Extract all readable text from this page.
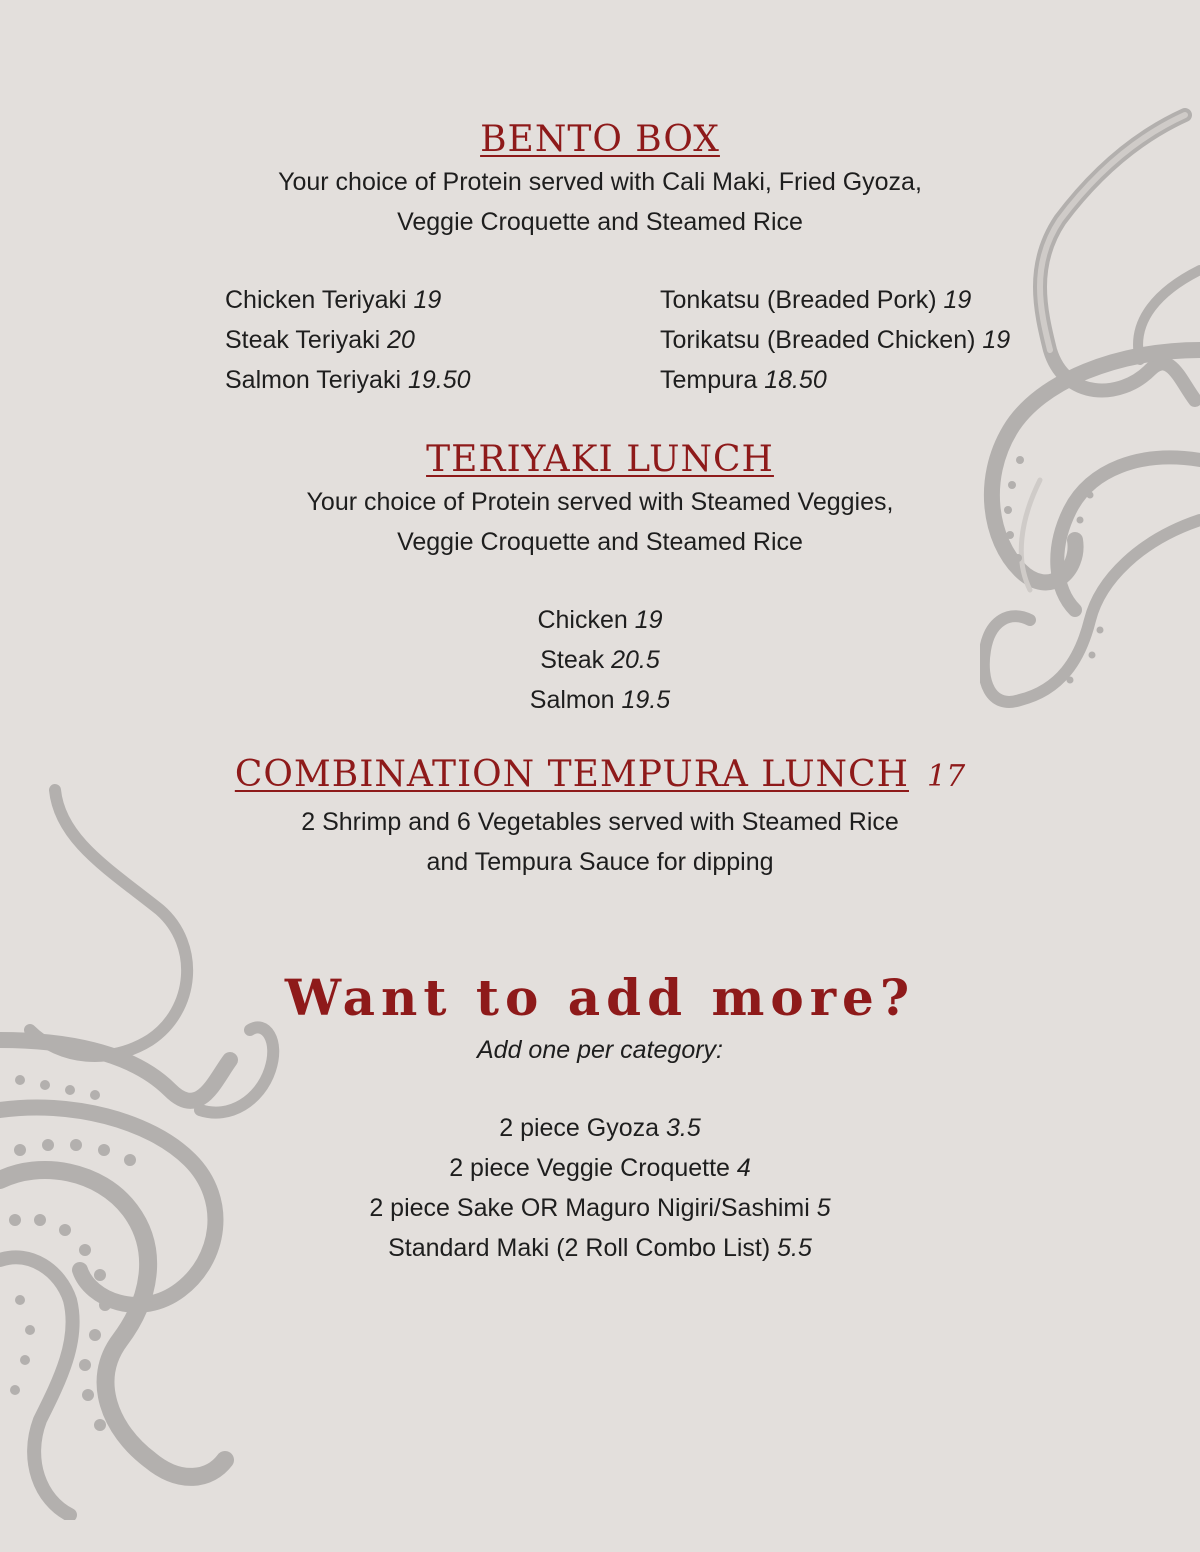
BENTO BOX
Your choice of Protein served with Cali Maki, Fried Gyoza,
Veggie Croquette and Steamed Rice
Chicken Teriyaki 19
Steak Teriyaki 20
Salmon Teriyaki 19.50
Tonkatsu (Breaded Pork) 19
Torikatsu (Breaded Chicken) 19
Tempura 18.50
TERIYAKI LUNCH
Your choice of Protein served with Steamed Veggies,
Veggie Croquette and Steamed Rice
Chicken 19
Steak 20.5
Salmon 19.5
COMBINATION TEMPURA LUNCH 17
2 Shrimp and 6 Vegetables served with Steamed Rice
and Tempura Sauce for dipping
Want to add more?
Add one per category:
2 piece Gyoza 3.5
2 piece Veggie Croquette 4
2 piece Sake OR Maguro Nigiri/Sashimi 5
Standard Maki (2 Roll Combo List) 5.5
